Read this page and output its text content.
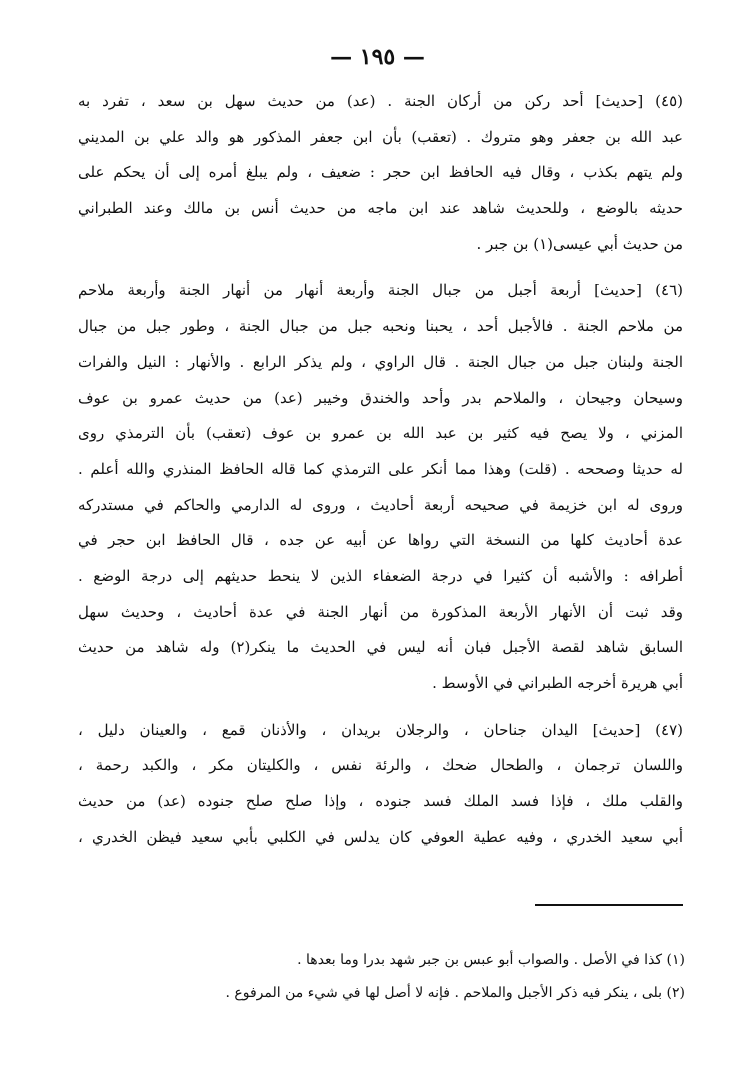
— ١٩٥ —
(٤٥) [حديث] أحد ركن من أركان الجنة . (عد) من حديث سهل بن سعد ، تفرد به
عبد الله بن جعفر وهو متروك . (تعقب) بأن ابن جعفر المذكور هو والد علي بن المديني
ولم يتهم بكذب ، وقال فيه الحافظ ابن حجر : ضعيف ، ولم يبلغ أمره إلى أن يحكم على
حديثه بالوضع ، وللحديث شاهد عند ابن ماجه من حديث أنس بن مالك وعند الطبراني
من حديث أبي عيسى(١) بن جبر .
(٤٦) [حديث] أربعة أجبل من جبال الجنة وأربعة أنهار من أنهار الجنة وأربعة ملاحم
من ملاحم الجنة . فالأجبل أحد ، يحبنا ونحبه جبل من جبال الجنة ، وطور جبل من جبال
الجنة ولبنان جبل من جبال الجنة . قال الراوي ، ولم يذكر الرابع . والأنهار : النيل والفرات
وسيحان وجيحان ، والملاحم بدر وأحد والخندق وخيبر (عد) من حديث عمرو بن عوف
المزني ، ولا يصح فيه كثير بن عبد الله بن عمرو بن عوف (تعقب) بأن الترمذي روى
له حديثا وصححه . (قلت) وهذا مما أنكر على الترمذي كما قاله الحافظ المنذري والله أعلم .
وروى له ابن خزيمة في صحيحه أربعة أحاديث ، وروى له الدارمي والحاكم في مستدركه
عدة أحاديث كلها من النسخة التي رواها عن أبيه عن جده ، قال الحافظ ابن حجر في
أطرافه : والأشبه أن كثيرا في درجة الضعفاء الذين لا ينحط حديثهم إلى درجة الوضع .
وقد ثبت أن الأنهار الأربعة المذكورة من أنهار الجنة في عدة أحاديث ، وحديث سهل
السابق شاهد لقصة الأجبل فبان أنه ليس في الحديث ما ينكر(٢) وله شاهد من حديث
أبي هريرة أخرجه الطبراني في الأوسط .
(٤٧) [حديث] اليدان جناحان ، والرجلان بريدان ، والأذنان قمع ، والعينان دليل ،
واللسان ترجمان ، والطحال ضحك ، والرئة نفس ، والكليتان مكر ، والكبد رحمة ،
والقلب ملك ، فإذا فسد الملك فسد جنوده ، وإذا صلح صلح جنوده (عد) من حديث
أبي سعيد الخدري ، وفيه عطية العوفي كان يدلس في الكلبي بأبي سعيد فيظن الخدري ،
(١) كذا في الأصل . والصواب أبو عبس بن جبر شهد بدرا وما بعدها .
(٢) بلى ، ينكر فيه ذكر الأجبل والملاحم . فإنه لا أصل لها في شيء من المرفوع .
